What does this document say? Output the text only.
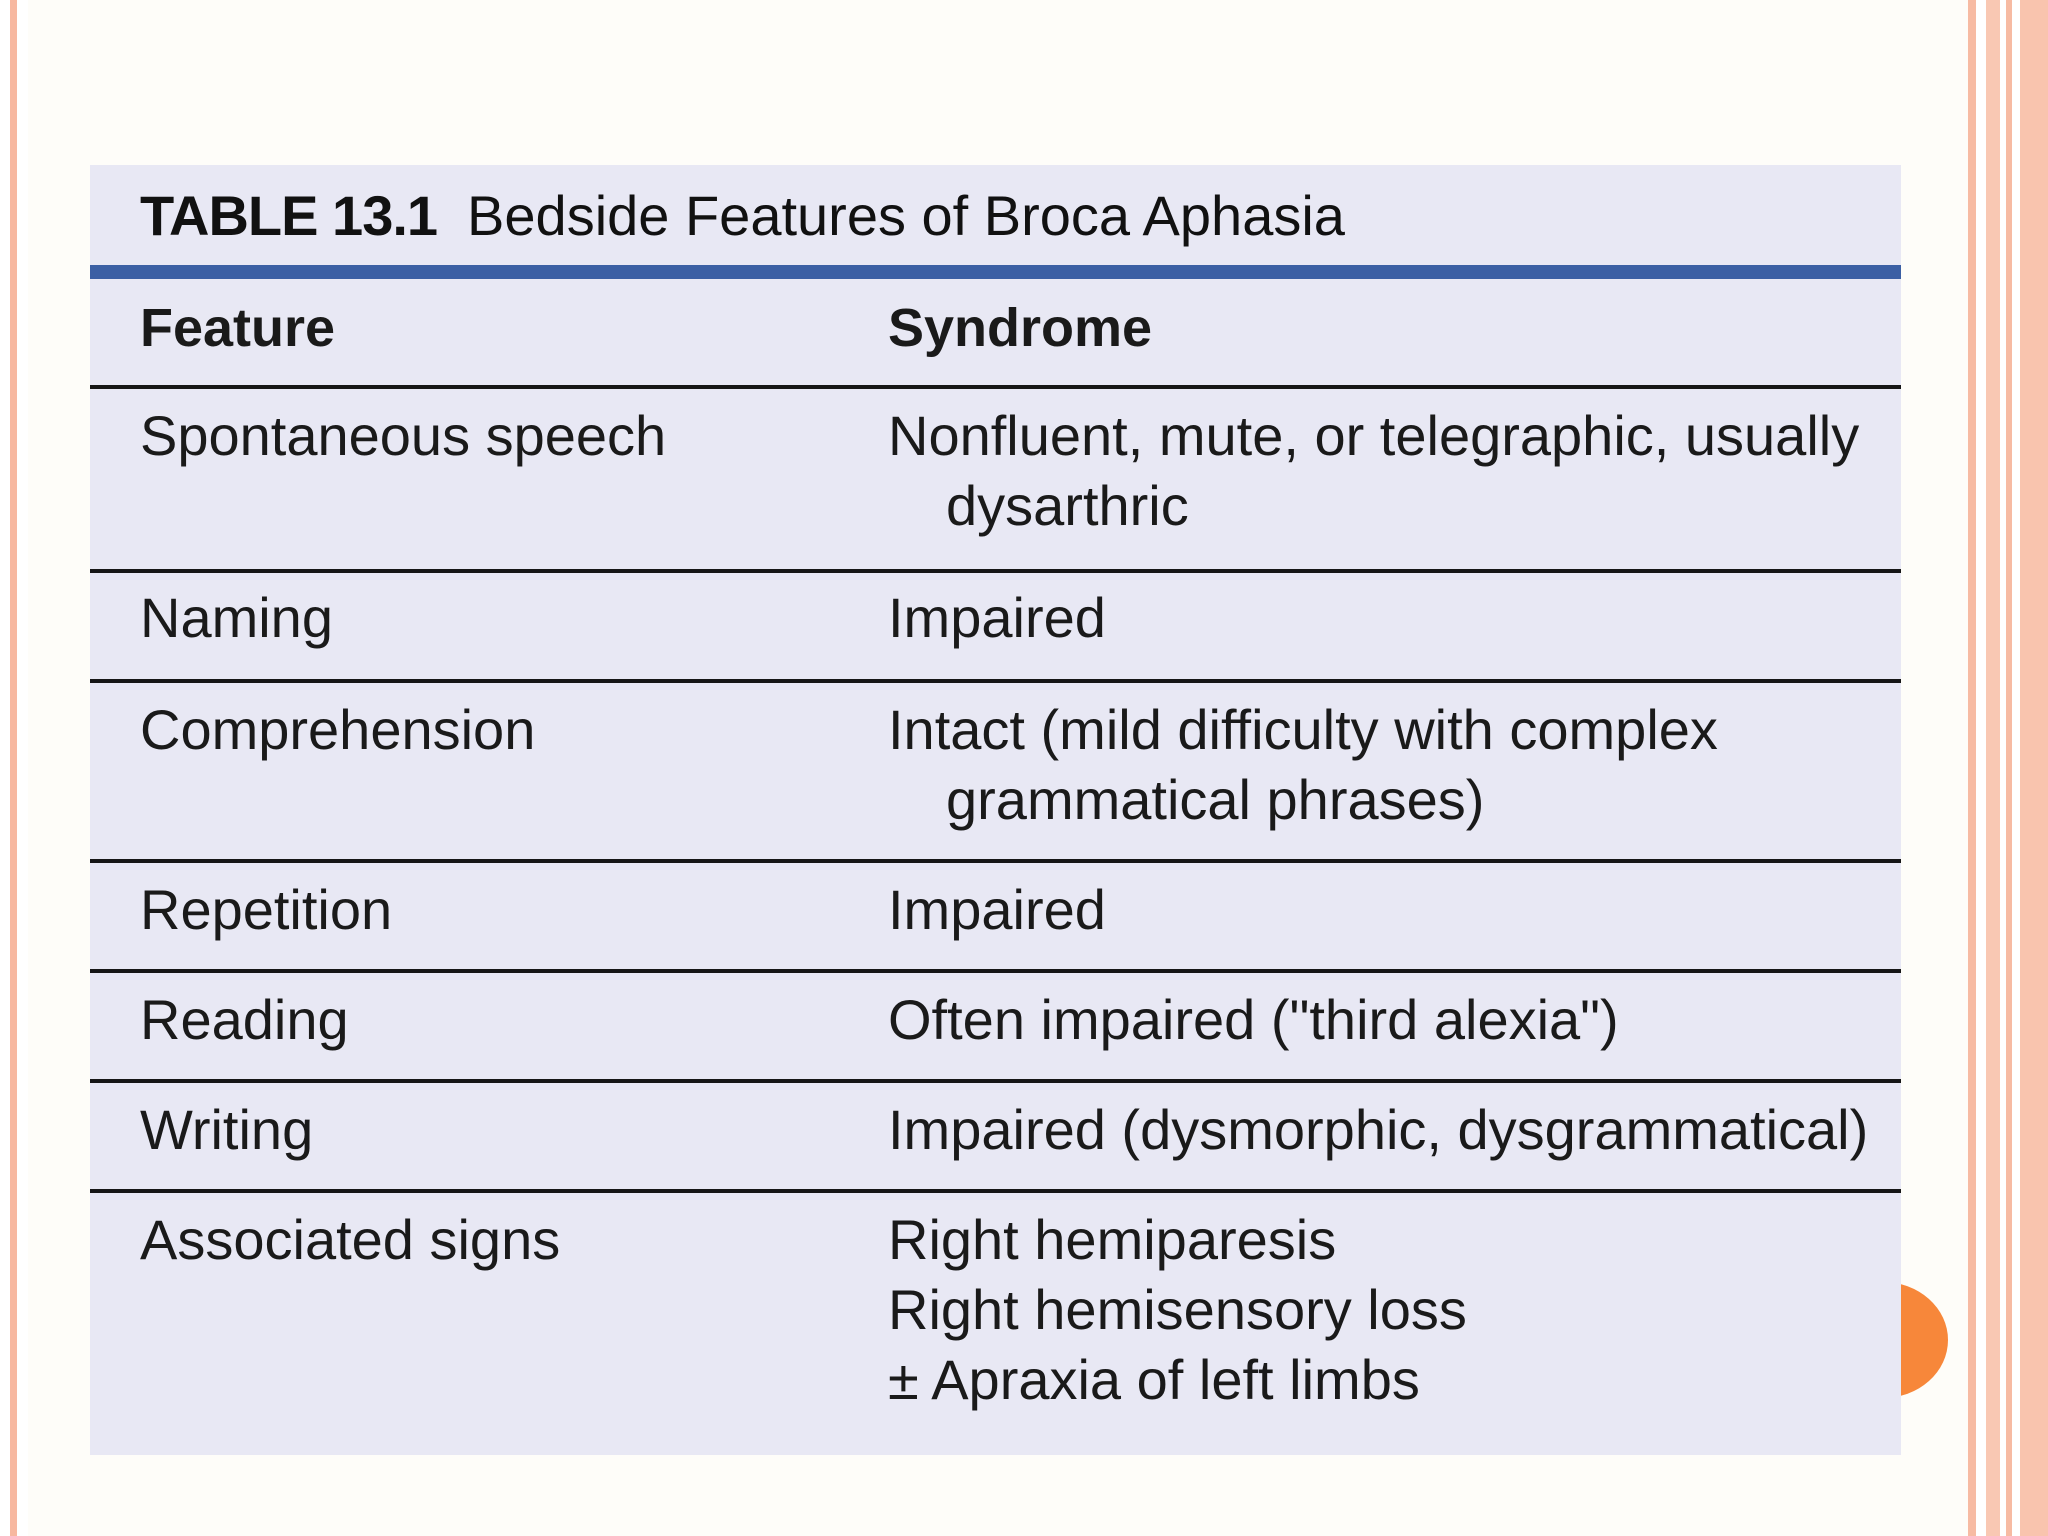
TABLE 13.1 Bedside Features of Broca Aphasia
Feature	Syndrome
Spontaneous speech	Nonfluent, mute, or telegraphic, usually
dysarthric
Naming	Impaired
Comprehension	Intact (mild difficulty with complex
grammatical phrases)
Repetition	Impaired
Reading	Often impaired ("third alexia")
Writing	Impaired (dysmorphic, dysgrammatical)
Associated signs	Right hemiparesis
Right hemisensory loss
± Apraxia of left limbs
